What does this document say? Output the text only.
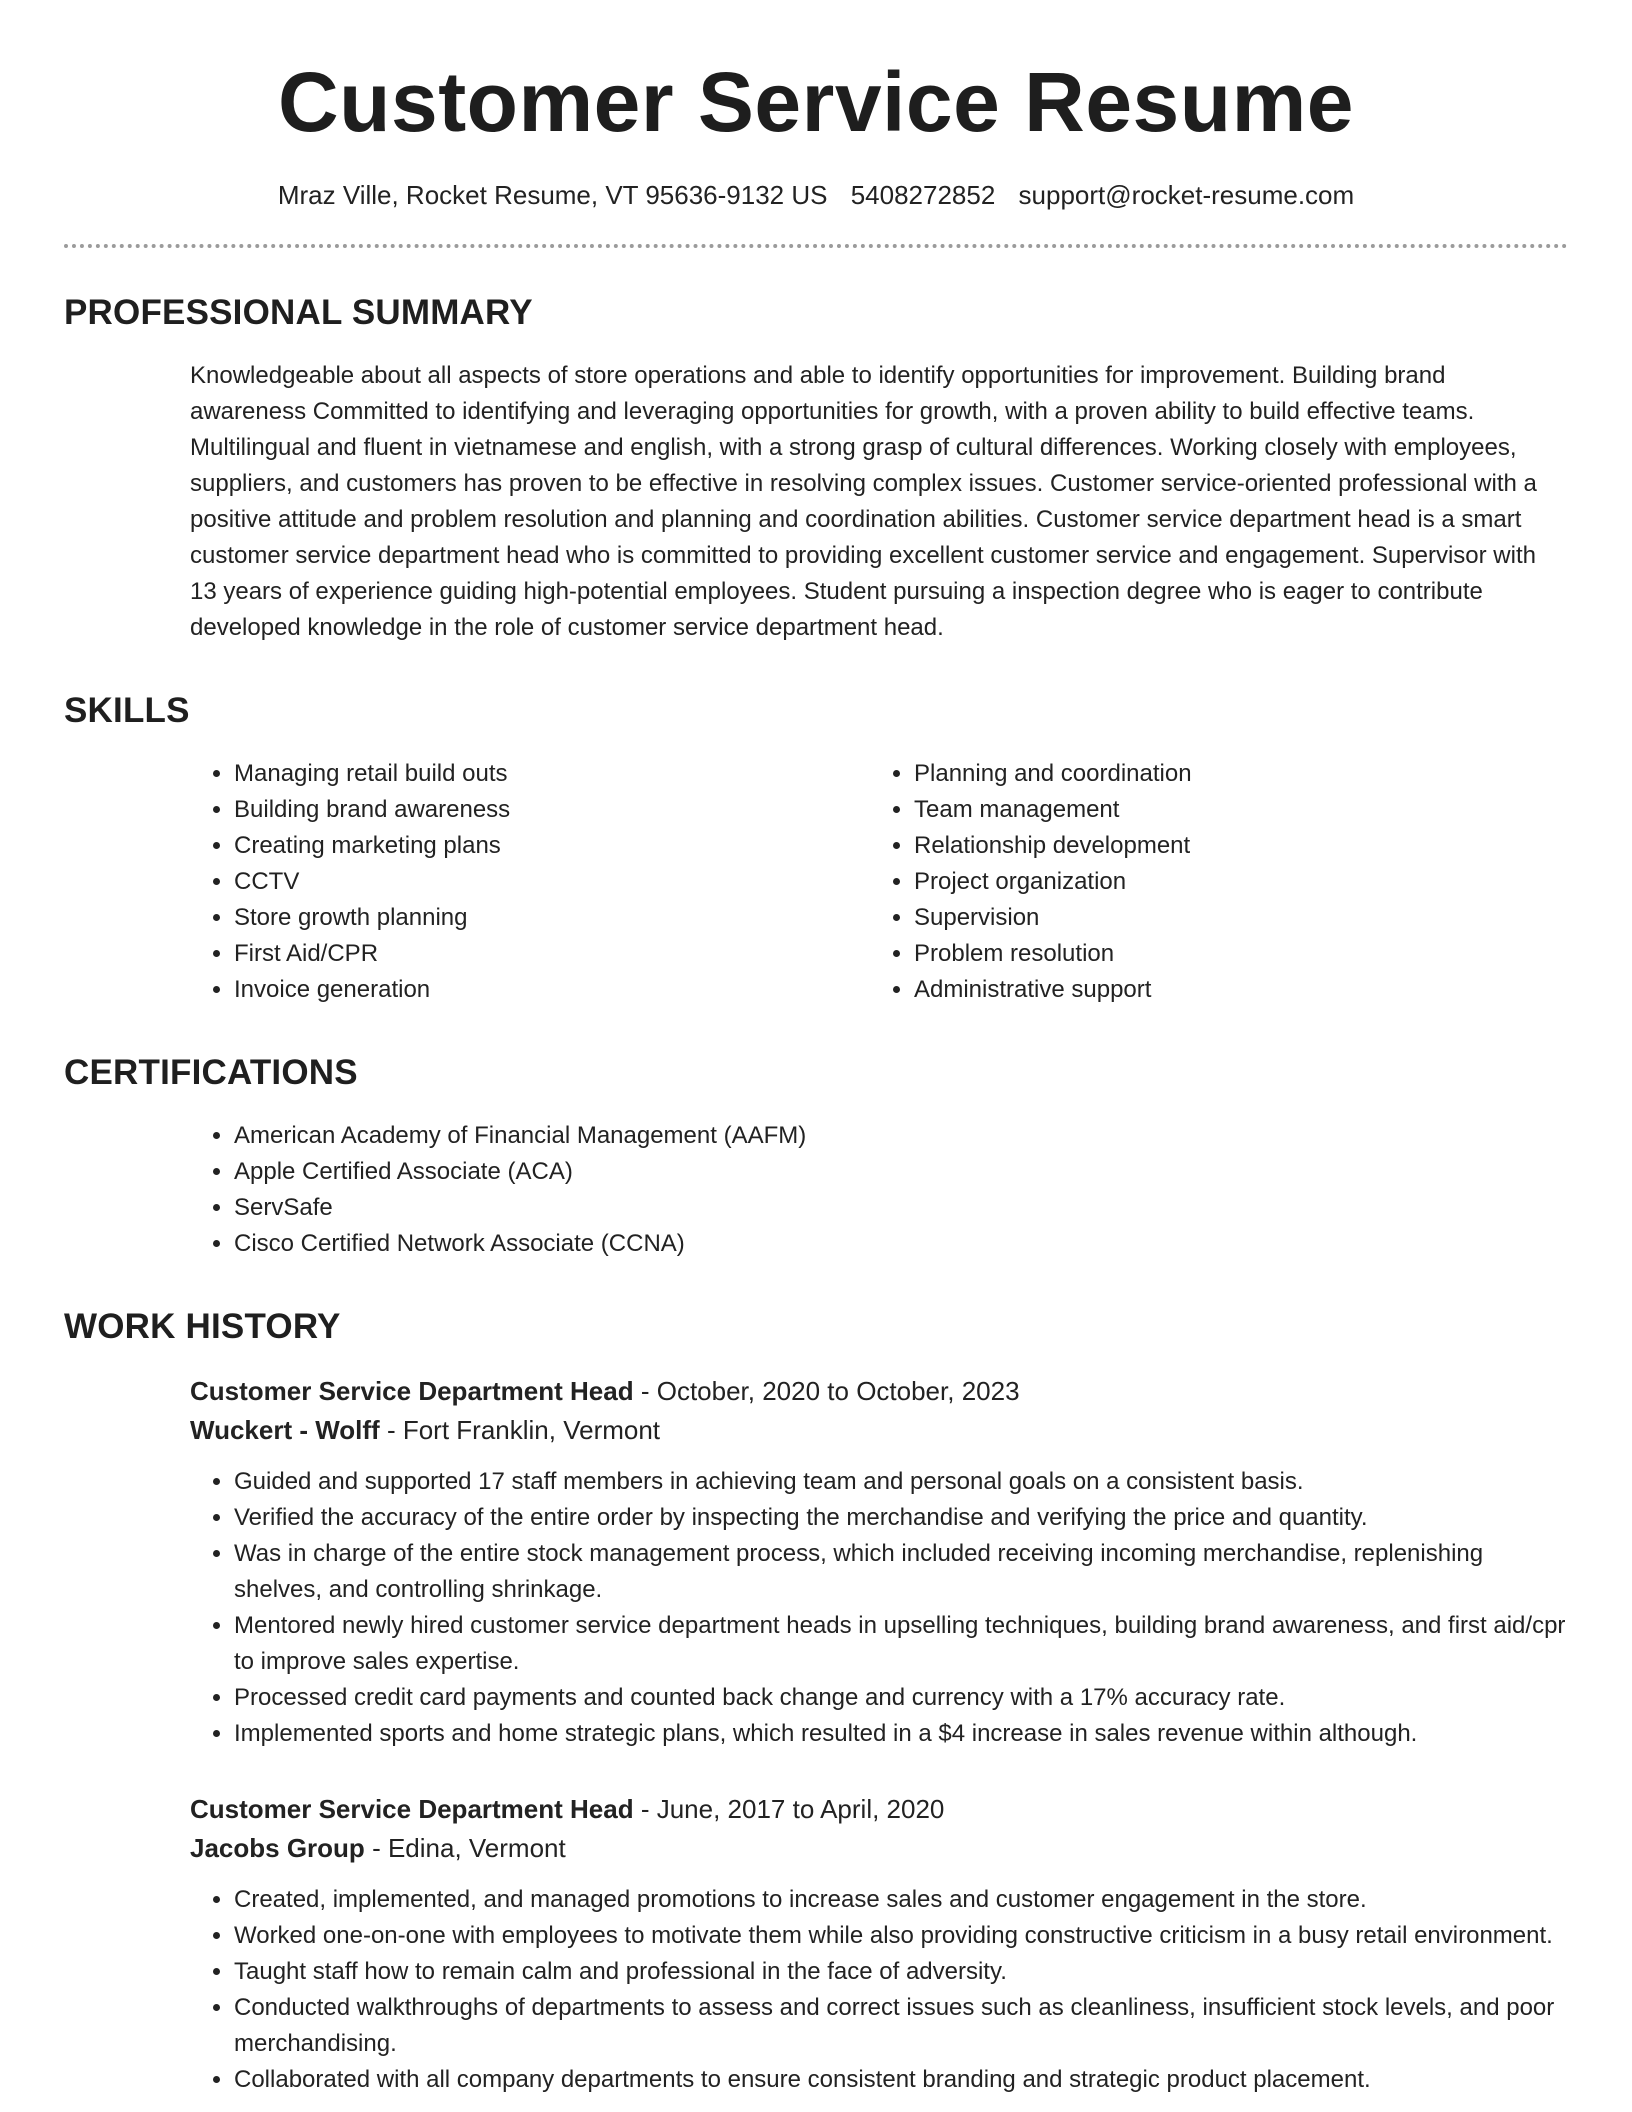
Customer Service Resume
Mraz Ville, Rocket Resume, VT 95636-9132 US 5408272852 support@rocket-resume.com
PROFESSIONAL SUMMARY

Knowledgeable about all aspects of store operations and able to identify opportunities for improvement. Building brand awareness Committed to identifying and leveraging opportunities for growth, with a proven ability to build effective teams. Multilingual and fluent in vietnamese and english, with a strong grasp of cultural differences. Working closely with employees, suppliers, and customers has proven to be effective in resolving complex issues. Customer service-oriented professional with a positive attitude and problem resolution and planning and coordination abilities. Customer service department head is a smart customer service department head who is committed to providing excellent customer service and engagement. Supervisor with 13 years of experience guiding high-potential employees. Student pursuing a inspection degree who is eager to contribute developed knowledge in the role of customer service department head.

SKILLS
• Managing retail build outs
• Building brand awareness
• Creating marketing plans
• CCTV
• Store growth planning
• First Aid/CPR
• Invoice generation
• Planning and coordination
• Team management
• Relationship development
• Project organization
• Supervision
• Problem resolution
• Administrative support
CERTIFICATIONS
• American Academy of Financial Management (AAFM)
• Apple Certified Associate (ACA)
• ServSafe
• Cisco Certified Network Associate (CCNA)
WORK HISTORY
Customer Service Department Head - October, 2020 to October, 2023
Wuckert - Wolff - Fort Franklin, Vermont
• Guided and supported 17 staff members in achieving team and personal goals on a consistent basis.
• Verified the accuracy of the entire order by inspecting the merchandise and verifying the price and quantity.
• Was in charge of the entire stock management process, which included receiving incoming merchandise, replenishing shelves, and controlling shrinkage.
• Mentored newly hired customer service department heads in upselling techniques, building brand awareness, and first aid/cpr to improve sales expertise.
• Processed credit card payments and counted back change and currency with a 17% accuracy rate.
• Implemented sports and home strategic plans, which resulted in a $4 increase in sales revenue within although.
Customer Service Department Head - June, 2017 to April, 2020
Jacobs Group - Edina, Vermont
• Created, implemented, and managed promotions to increase sales and customer engagement in the store.
• Worked one-on-one with employees to motivate them while also providing constructive criticism in a busy retail environment.
• Taught staff how to remain calm and professional in the face of adversity.
• Conducted walkthroughs of departments to assess and correct issues such as cleanliness, insufficient stock levels, and poor merchandising.
• Collaborated with all company departments to ensure consistent branding and strategic product placement.
